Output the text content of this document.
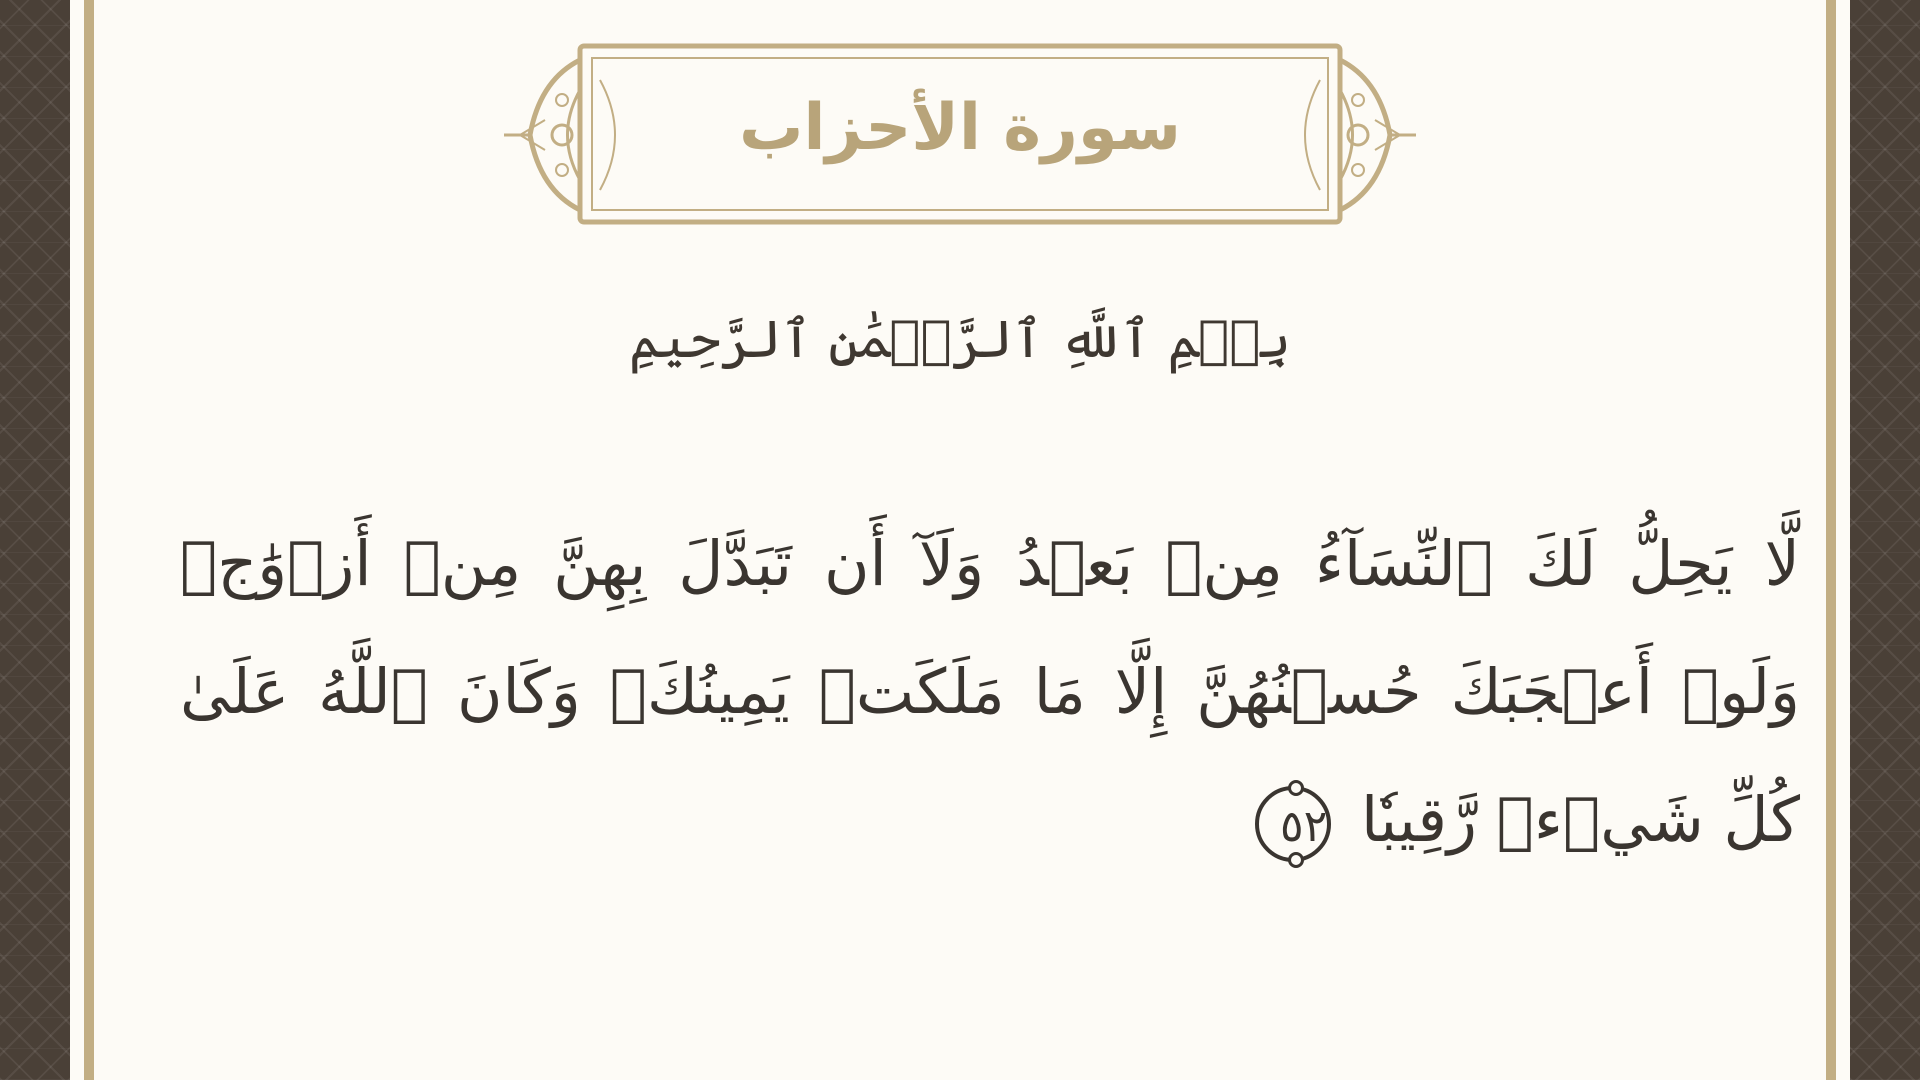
سورة الأحزاب
بِسۡمِ ٱللَّهِ ٱلرَّحۡمَٰنِ ٱلرَّحِيمِ
لَّا يَحِلُّ لَكَ ٱلنِّسَآءُ مِنۢ بَعۡدُ وَلَآ أَن تَبَدَّلَ بِهِنَّ مِنۡ أَزۡوَٰجٖ وَلَوۡ أَعۡجَبَكَ حُسۡنُهُنَّ إِلَّا مَا مَلَكَتۡ يَمِينُكَۗ وَكَانَ ٱللَّهُ عَلَىٰ كُلِّ شَيۡءٖ رَّقِيبٗا ٥٢
